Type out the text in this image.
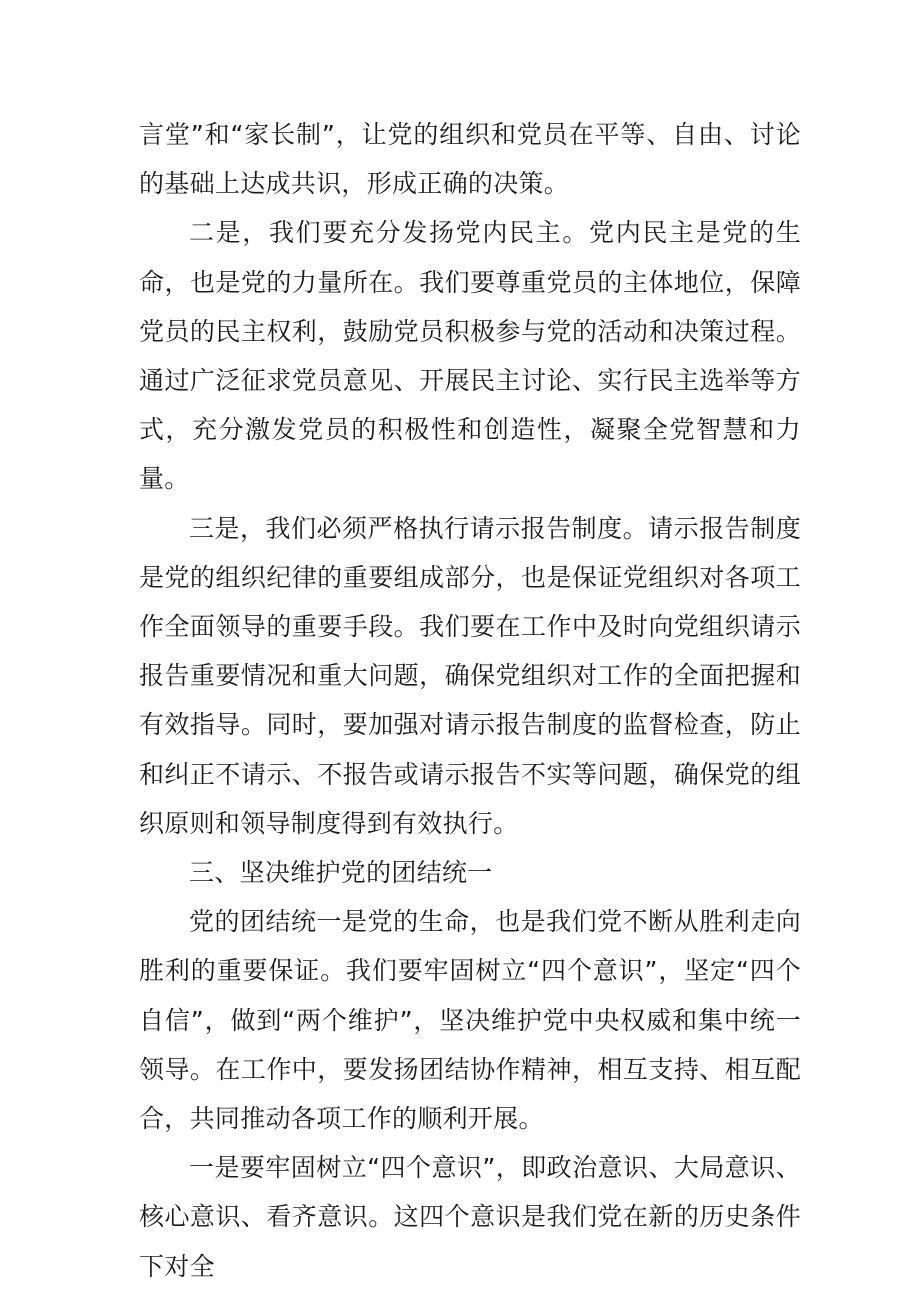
言堂”和“家长制”，让党的组织和党员在平等、自由、讨论的基础上达成共识，形成正确的决策。

二是，我们要充分发扬党内民主。党内民主是党的生命，也是党的力量所在。我们要尊重党员的主体地位，保障党员的民主权利，鼓励党员积极参与党的活动和决策过程。通过广泛征求党员意见、开展民主讨论、实行民主选举等方式，充分激发党员的积极性和创造性，凝聚全党智慧和力量。

三是，我们必须严格执行请示报告制度。请示报告制度是党的组织纪律的重要组成部分，也是保证党组织对各项工作全面领导的重要手段。我们要在工作中及时向党组织请示报告重要情况和重大问题，确保党组织对工作的全面把握和有效指导。同时，要加强对请示报告制度的监督检查，防止和纠正不请示、不报告或请示报告不实等问题，确保党的组织原则和领导制度得到有效执行。

三、坚决维护党的团结统一

党的团结统一是党的生命，也是我们党不断从胜利走向胜利的重要保证。我们要牢固树立“四个意识”，坚定“四个自信”，做到“两个维护”，坚决维护党中央权威和集中统一领导。在工作中，要发扬团结协作精神，相互支持、相互配合，共同推动各项工作的顺利开展。

一是要牢固树立“四个意识”，即政治意识、大局意识、核心意识、看齐意识。这四个意识是我们党在新的历史条件下对全
